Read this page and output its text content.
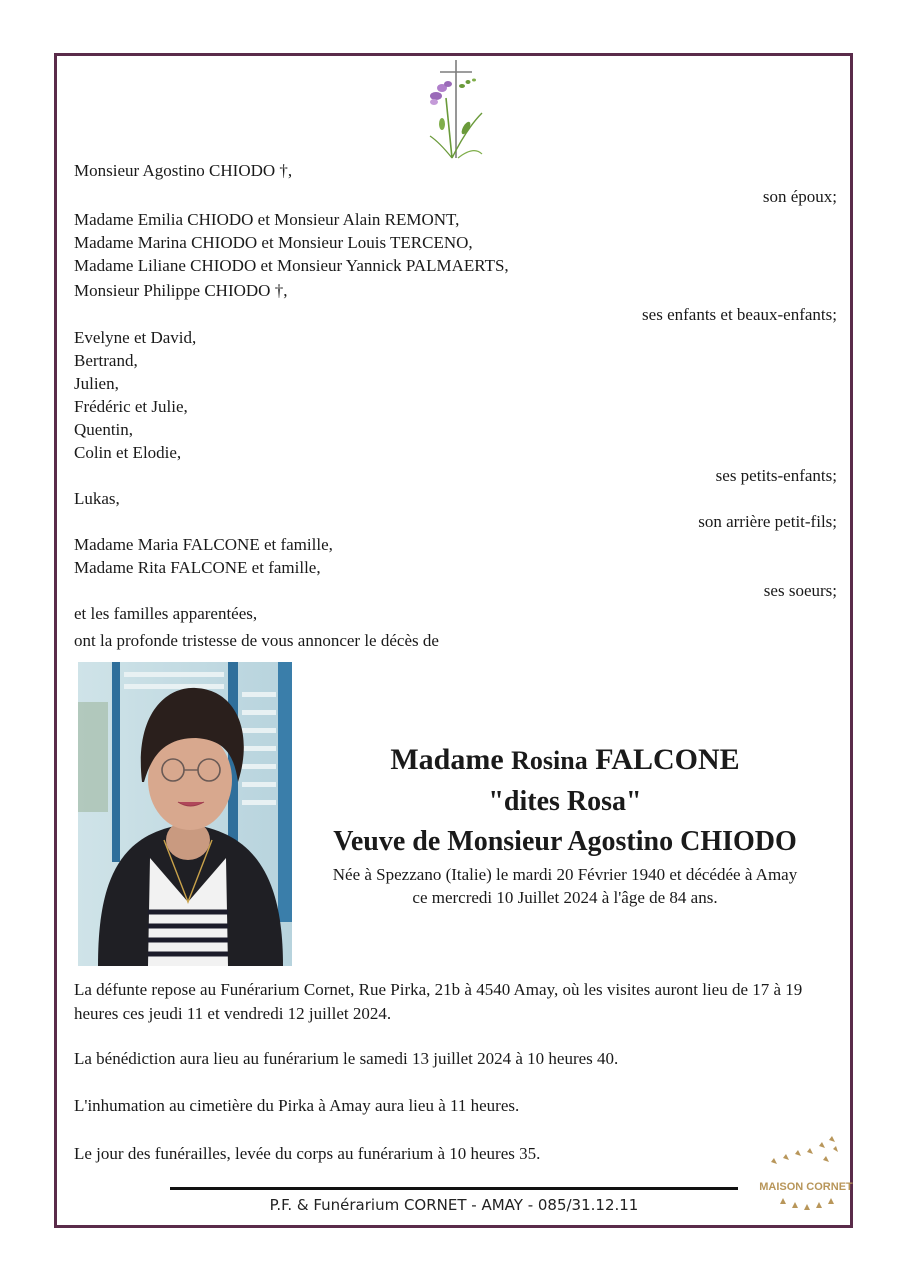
Monsieur Agostino CHIODO †,
son époux;
Madame Emilia CHIODO et Monsieur Alain REMONT,
Madame Marina CHIODO et Monsieur Louis TERCENO,
Madame Liliane CHIODO et Monsieur Yannick PALMAERTS,
Monsieur Philippe CHIODO †,
ses enfants et beaux-enfants;
Evelyne et David,
Bertrand,
Julien,
Frédéric et Julie,
Quentin,
Colin et Elodie,
ses petits-enfants;
Lukas,
son arrière petit-fils;
Madame Maria FALCONE et famille,
Madame Rita FALCONE et famille,
ses soeurs;
et les familles apparentées,
ont la profonde tristesse de vous annoncer le décès de
Madame Rosina FALCONE
"dites Rosa"
Veuve de Monsieur Agostino CHIODO
Née à Spezzano (Italie) le mardi 20 Février 1940 et décédée à Amay
ce mercredi 10 Juillet 2024 à l'âge de 84 ans.
La défunte repose au Funérarium Cornet, Rue Pirka, 21b à 4540 Amay, où les visites auront lieu de 17 à 19 heures ces jeudi 11 et vendredi 12 juillet 2024.
La bénédiction aura lieu au funérarium le samedi 13 juillet 2024 à 10 heures 40.
L'inhumation au cimetière du Pirka à Amay aura lieu à 11 heures.
Le jour des funérailles, levée du corps au funérarium à 10 heures 35.
P.F. & Funérarium CORNET - AMAY - 085/31.12.11
MAISON CORNET
